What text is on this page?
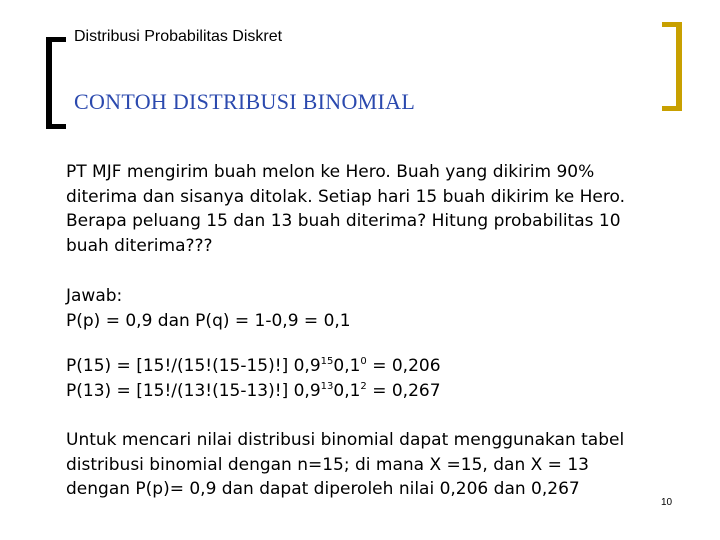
Distribusi Probabilitas Diskret
CONTOH DISTRIBUSI BINOMIAL
PT MJF mengirim buah melon ke Hero. Buah yang dikirim 90%
diterima dan sisanya ditolak. Setiap hari 15 buah dikirim ke Hero.
Berapa peluang 15 dan 13 buah diterima? Hitung probabilitas 10
buah diterima???
Jawab:
P(p) = 0,9 dan P(q) = 1-0,9 = 0,1
P(15) = [15!/(15!(15-15)!] $0,9^{15}0,1^0 = 0,206$
P(13) = [15!/(13!(15-13)!] $0,9^{13}0,1^2 = 0,267$
Untuk mencari nilai distribusi binomial dapat menggunakan tabel
distribusi binomial dengan n=15; di mana X =15, dan X = 13
dengan P(p)= 0,9 dan dapat diperoleh nilai 0,206 dan 0,267
10
